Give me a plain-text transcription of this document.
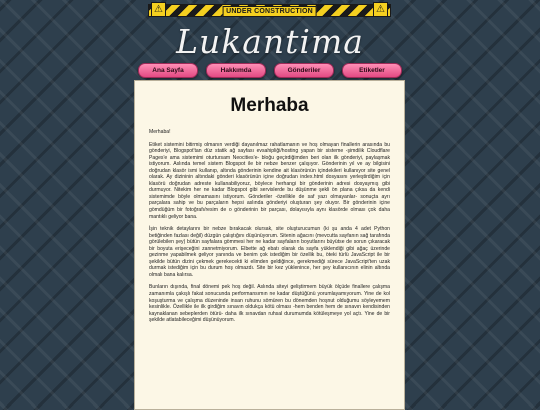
⚠	UNDER CONSTRUCTION	⚠
Lukantima
Ana Sayfa	Hakkımda	Gönderiler	Etiketler
Merhaba

Merhaba!

Etiket sistemini bitirmiş olmanın verdiği dayanılmaz rahatlamanın ve hoş olmayan finallerin arasında bu gönderiyi, Blogspot'tan düz statik ağ sayfası evsahipliği/hosting yapan bir sisteme -şimdilik Cloudflare Pages'e ama sistemimi oturtursam Neocities'e- bloğu geçirdiğimden beri olan ilk gönderiyi, paylaşmak istiyorum. Aslında temel sistem Blogspot ile bir nebze benzer çalışıyor. Gönderinin yıl ve ay bilgisini doğrudan klasör ismi kullanıp, altında gönderinin kendine ait klasörünün içindekileri kullanıyor site genel olarak. Ay dizininin altındaki gönderi klasörünün içine doğrudan index.html dosyasını yerleştirdiğim için klasörü doğrudan adreste kullanabiliyoruz, böylece herhangi bir gönderinin adresi dosyaymış gibi durmuyor. Nitekim her ne kadar Blogspot gibi servislerde bu düşünme şekli ön plana çıksa da kendi sistemimde böyle olmamasını istiyorum. Gönderiler -özellikle de saf yazı olmayanlar- sonuçta ayrı parçalara sahip ve bu parçaların hepsi aslında gönderiyi oluşturan şey oluyor. Bir gönderinin içine gömdüğüm bir fotoğrafı/resim de o gönderinin bir parçası, dolayısıyla aynı klasörde olması çok daha mantıklı geliyor bana.

İşin teknik detaylarını bir nebze bırakacak olursak, site oluşturucumun (ki şu anda 4 adet Python betiğinden fazlası değil) düzgün çalıştığını düşünüyorum. Sitenin ağacını (mevcutta sayfanın sağ tarafında görülebilen şey) bütün sayfalara gömmesi her ne kadar sayfaların boyutlarını büyütse de sorun çıkaracak bir boyuta erişeceğini zannetmiyorum. Elbette ağ ebatı olarak da sayfa yüklendiği gibi ağaç üzerinde gezinme yapabilmek geliyor yanında ve benim çok istediğim bir özellik bu, öteki türlü JavaScript ile bir şekilde bütün dizini çekmek gerekecekti ki elimden geldiğince, gerekmediği sürece JavaScript'ten uzak durmak istediğim için bu durum hoş olmazdı. Site bir kez yüklenince, her şey kullanıcının elinin altında olmalı bana kalırsa.

Bunların dışında, final dönemi pek hoş değil. Aslında siteyi geliştirmem büyük ölçüde finallere çalışma zamanımla çakışlı fakat sonucunda performansımın ne kadar düştüğünü yorumlayamıyorum. Yine de kol koşuşturma ve çalışma düzeninde insan ruhunu sömüren bu dönemden hoşnut olduğumu söyleyemem kesinlikle. Özellikle ile ilk girdiğim sınavın oldukça kötü olması -hem benden hem de sınavın kendisinden kaynaklanan sebeplerden ötürü- daha ilk sınavdan ruhsal durumumda kötüleşmeye yol açtı. Yine de bir şekilde atlatabileceğimi düşünüyorum.
